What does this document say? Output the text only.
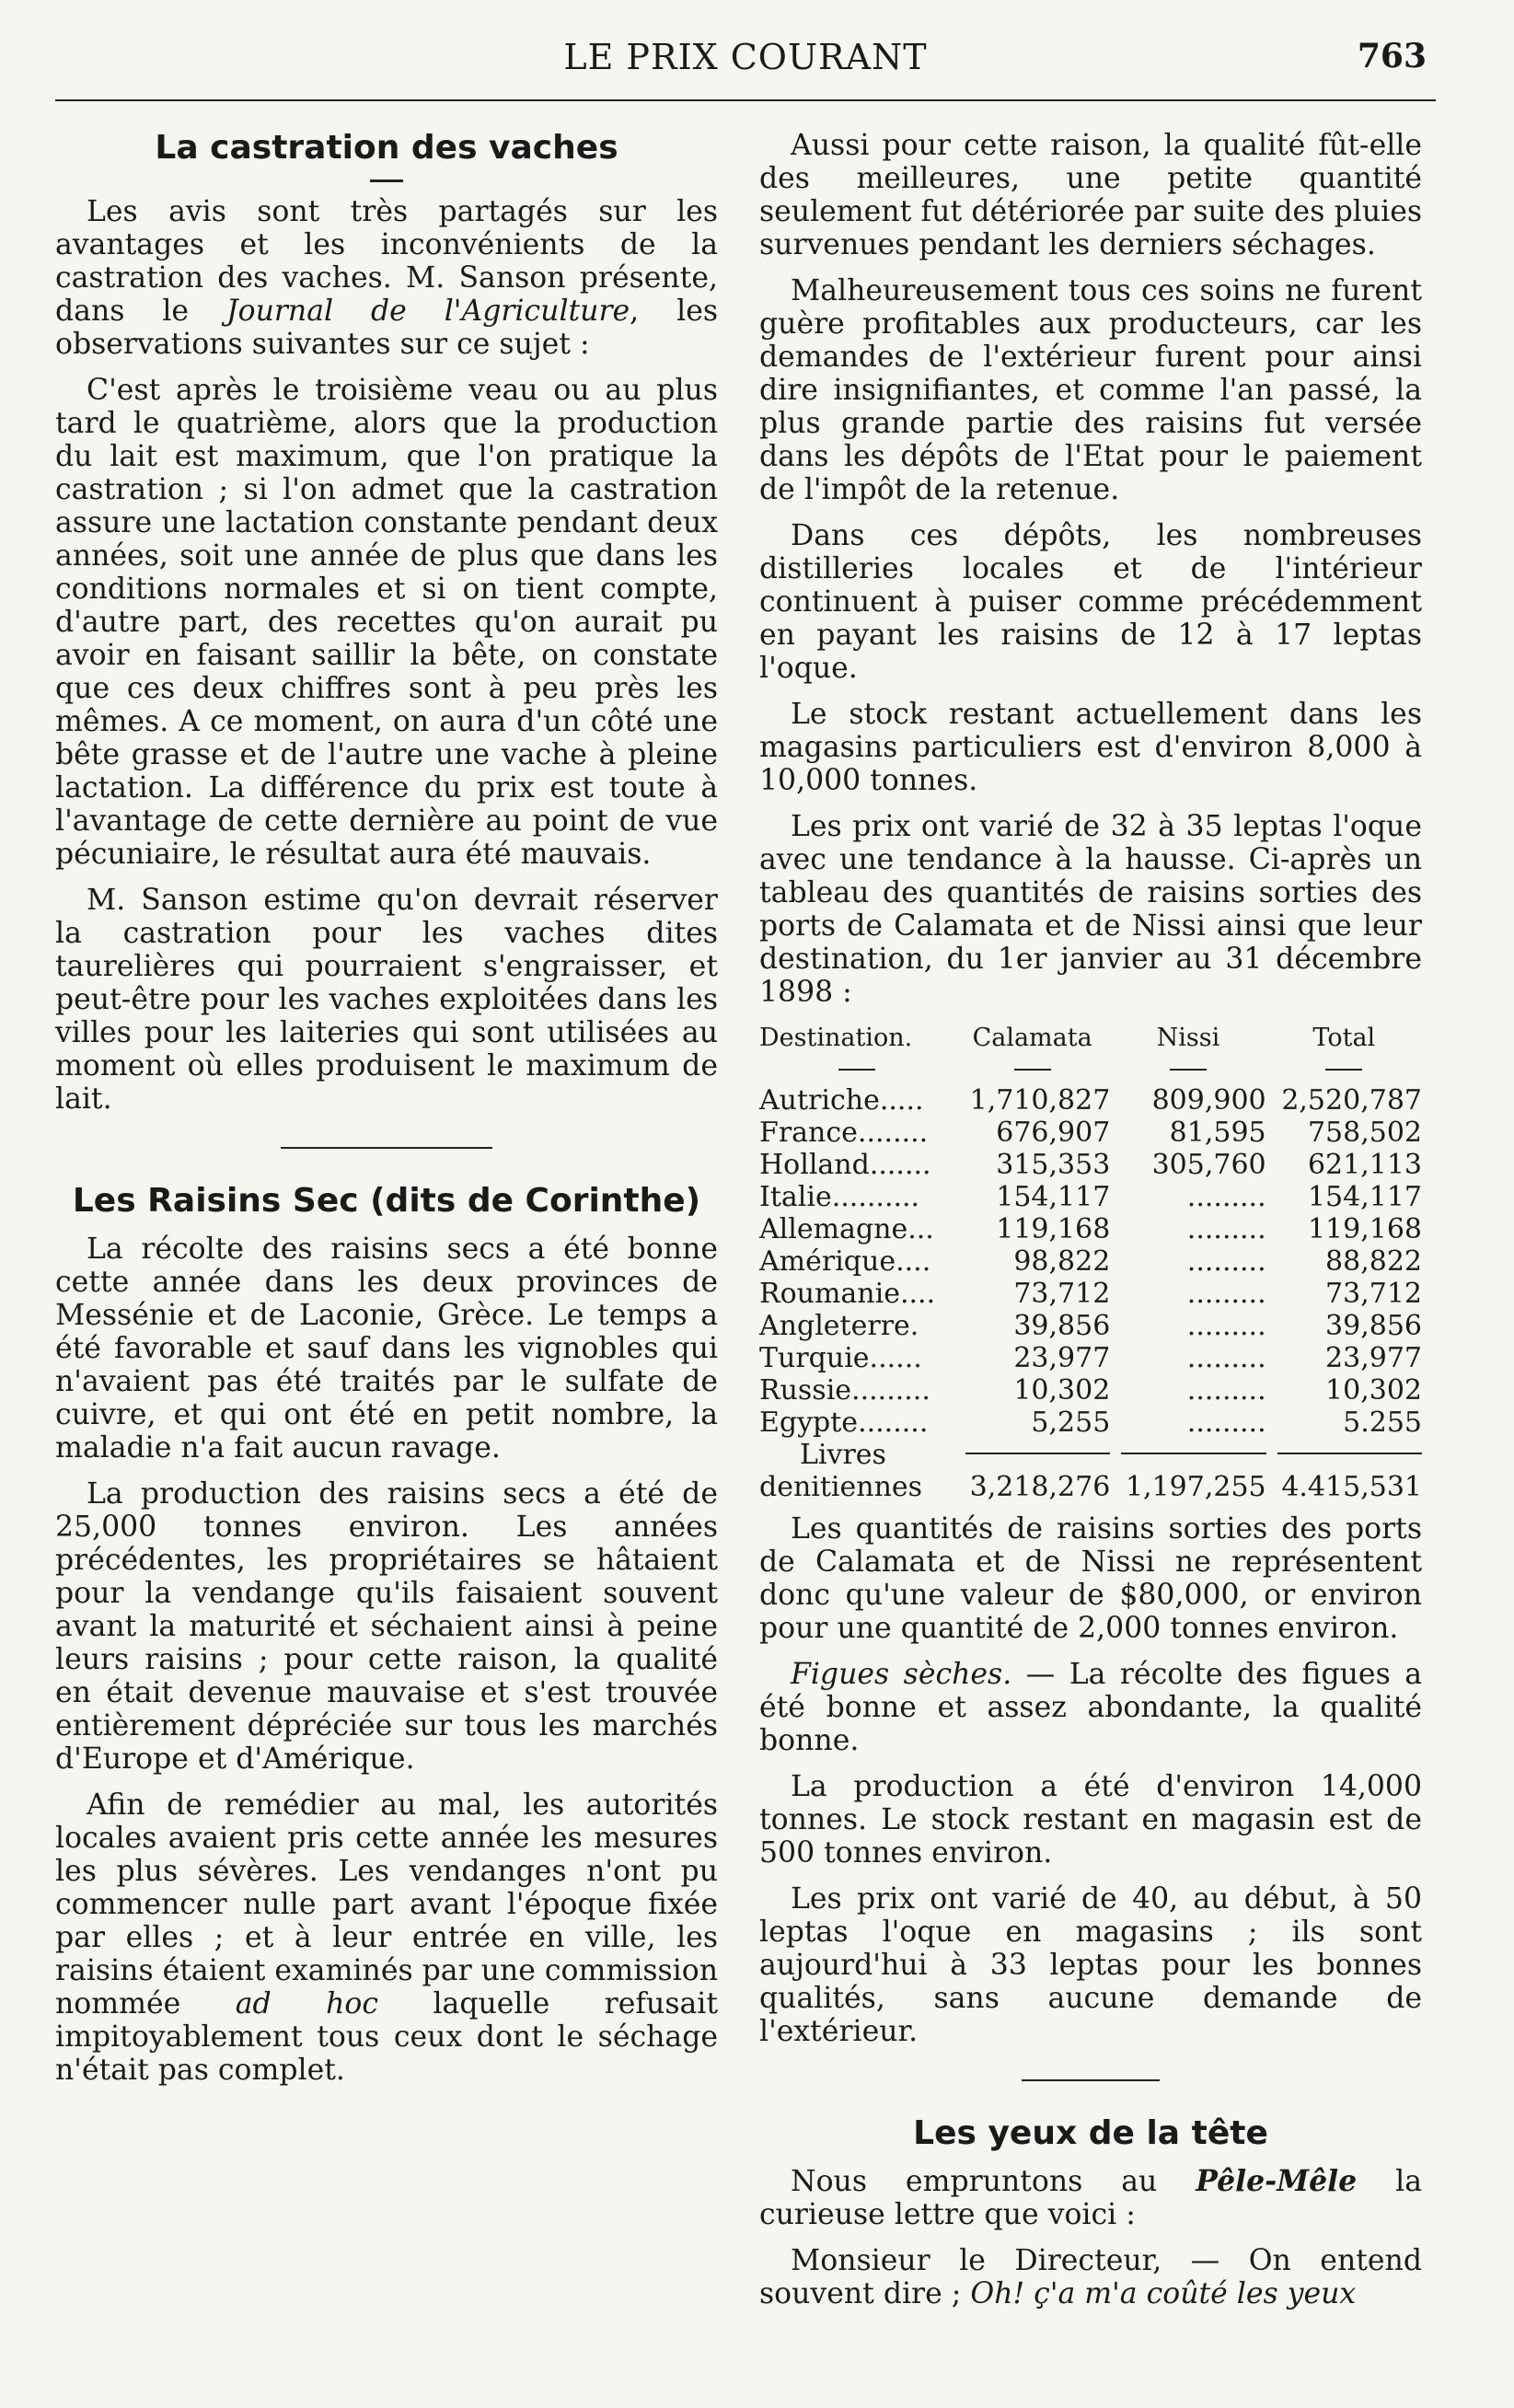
LE PRIX COURANT	763
La castration des vaches

Les avis sont très partagés sur les avantages et les inconvénients de la castration des vaches. M. Sanson présente, dans le Journal de l'Agriculture, les observations suivantes sur ce sujet :

C'est après le troisième veau ou au plus tard le quatrième, alors que la production du lait est maximum, que l'on pratique la castration ; si l'on admet que la castration assure une lactation constante pendant deux années, soit une année de plus que dans les conditions normales et si on tient compte, d'autre part, des recettes qu'on aurait pu avoir en faisant saillir la bête, on constate que ces deux chiffres sont à peu près les mêmes. A ce moment, on aura d'un côté une bête grasse et de l'autre une vache à pleine lactation. La différence du prix est toute à l'avantage de cette dernière au point de vue pécuniaire, le résultat aura été mauvais.

M. Sanson estime qu'on devrait réserver la castration pour les vaches dites taurelières qui pourraient s'engraisser, et peut-être pour les vaches exploitées dans les villes pour les laiteries qui sont utilisées au moment où elles produisent le maximum de lait.

Les Raisins Sec (dits de Corinthe)

La récolte des raisins secs a été bonne cette année dans les deux provinces de Messénie et de Laconie, Grèce. Le temps a été favorable et sauf dans les vignobles qui n'avaient pas été traités par le sulfate de cuivre, et qui ont été en petit nombre, la maladie n'a fait aucun ravage.

La production des raisins secs a été de 25,000 tonnes environ. Les années précédentes, les propriétaires se hâtaient pour la vendange qu'ils faisaient souvent avant la maturité et séchaient ainsi à peine leurs raisins ; pour cette raison, la qualité en était devenue mauvaise et s'est trouvée entièrement dépréciée sur tous les marchés d'Europe et d'Amérique.

Afin de remédier au mal, les autorités locales avaient pris cette année les mesures les plus sévères. Les vendanges n'ont pu commencer nulle part avant l'époque fixée par elles ; et à leur entrée en ville, les raisins étaient examinés par une commission nommée ad hoc laquelle refusait impitoyablement tous ceux dont le séchage n'était pas complet.

Aussi pour cette raison, la qualité fût-elle des meilleures, une petite quantité seulement fut détériorée par suite des pluies survenues pendant les derniers séchages.

Malheureusement tous ces soins ne furent guère profitables aux producteurs, car les demandes de l'extérieur furent pour ainsi dire insignifiantes, et comme l'an passé, la plus grande partie des raisins fut versée dans les dépôts de l'Etat pour le paiement de l'impôt de la retenue.

Dans ces dépôts, les nombreuses distilleries locales et de l'intérieur continuent à puiser comme précédemment en payant les raisins de 12 à 17 leptas l'oque.

Le stock restant actuellement dans les magasins particuliers est d'environ 8,000 à 10,000 tonnes.

Les prix ont varié de 32 à 35 leptas l'oque avec une tendance à la hausse. Ci-après un tableau des quantités de raisins sorties des ports de Calamata et de Nissi ainsi que leur destination, du 1er janvier au 31 décembre 1898 :

Destination.	Calamata	Nissi	Total

Autriche.....	1,710,827	809,900	2,520,787
France........	676,907	81,595	758,502
Holland.......	315,353	305,760	621,113
Italie..........	154,117	.........	154,117
Allemagne...	119,168	.........	119,168
Amérique....	98,822	.........	88,822
Roumanie....	73,712	.........	73,712
Angleterre.	39,856	.........	39,856
Turquie......	23,977	.........	23,977
Russie.........	10,302	.........	10,302
Egypte........	5,255	.........	5.255
Livres	

denitiennes	3,218,276	1,197,255	4.415,531

Les quantités de raisins sorties des ports de Calamata et de Nissi ne représentent donc qu'une valeur de $80,000, or environ pour une quantité de 2,000 tonnes environ.

Figues sèches. — La récolte des figues a été bonne et assez abondante, la qualité bonne.

La production a été d'environ 14,000 tonnes. Le stock restant en magasin est de 500 tonnes environ.

Les prix ont varié de 40, au début, à 50 leptas l'oque en magasins ; ils sont aujourd'hui à 33 leptas pour les bonnes qualités, sans aucune demande de l'extérieur.

Les yeux de la tête

Nous empruntons au Pêle-Mêle la curieuse lettre que voici :

Monsieur le Directeur, — On entend souvent dire ; Oh! ç'a m'a coûté les yeux
